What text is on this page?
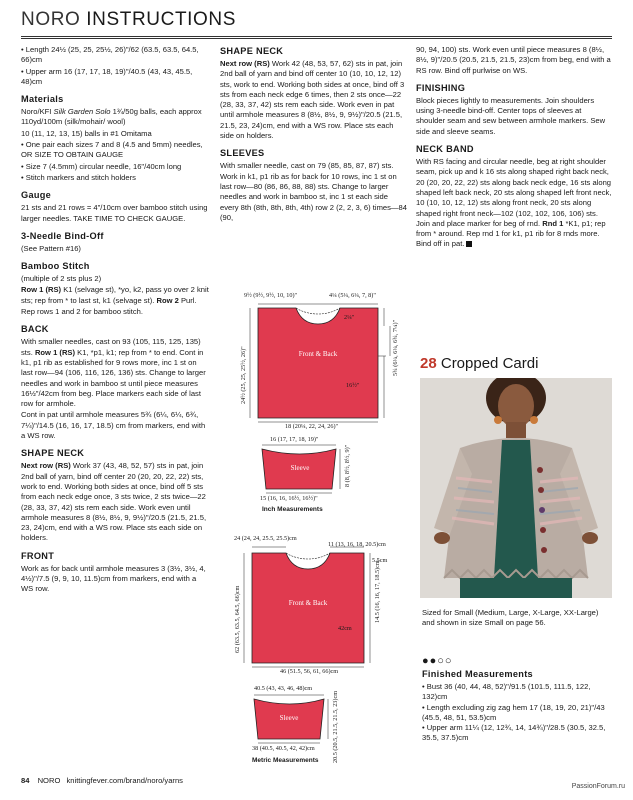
NORO INSTRUCTIONS

• Length 24½ (25, 25, 25½, 26)"/62 (63.5, 63.5, 64.5, 66)cm

• Upper arm 16 (17, 17, 18, 19)"/40.5 (43, 43, 45.5, 48)cm

Materials

Noro/KFI Silk Garden Solo 1¾/50g balls, each approx 110yd/100m (silk/mohair/ wool)

10 (11, 12, 13, 15) balls in #1 Omitama

• One pair each sizes 7 and 8 (4.5 and 5mm) needles, OR SIZE TO OBTAIN GAUGE

• Size 7 (4.5mm) circular needle, 16"/40cm long

• Stitch markers and stitch holders

Gauge

21 sts and 21 rows = 4"/10cm over bamboo stitch using larger needles. TAKE TIME TO CHECK GAUGE.

3-Needle Bind-Off

(See Pattern #16)

Bamboo Stitch

(multiple of 2 sts plus 2)

Row 1 (RS) K1 (selvage st), *yo, k2, pass yo over 2 knit sts; rep from * to last st, k1 (selvage st). Row 2 Purl.

Rep rows 1 and 2 for bamboo stitch.

BACK

With smaller needles, cast on 93 (105, 115, 125, 135) sts. Row 1 (RS) K1, *p1, k1; rep from * to end. Cont in k1, p1 rib as established for 9 rows more, inc 1 st on last row—94 (106, 116, 126, 136) sts. Change to larger needles and work in bamboo st until piece measures 16½"/42cm from beg. Place markers each side of last row for armhole.

Cont in pat until armhole measures 5¾ (6¼, 6¼, 6¾, 7¼)"/14.5 (16, 16, 17, 18.5) cm from markers, end with a WS row.

SHAPE NECK

Next row (RS) Work 37 (43, 48, 52, 57) sts in pat, join 2nd ball of yarn, bind off center 20 (20, 20, 22, 22) sts, work to end. Working both sides at once, bind off 5 sts from each neck edge once, 3 sts twice, 2 sts twice—22 (28, 33, 37, 42) sts rem each side. Work even until armhole measures 8 (8½, 8½, 9, 9½)"/20.5 (21.5, 21.5, 23, 24)cm, end with a WS row. Place sts each side on holders.

FRONT

Work as for back until armhole measures 3 (3½, 3½, 4, 4½)"/7.5 (9, 9, 10, 11.5)cm from markers, end with a WS row.

SHAPE NECK

Next row (RS) Work 42 (48, 53, 57, 62) sts in pat, join 2nd ball of yarn and bind off center 10 (10, 10, 12, 12) sts, work to end. Working both sides at once, bind off 3 sts from each neck edge 6 times, then 2 sts once—22 (28, 33, 37, 42) sts rem each side. Work even in pat until armhole measures 8 (8½, 8½, 9, 9½)"/20.5 (21.5, 21.5, 23, 24)cm, end with a WS row. Place sts each side on holders.

SLEEVES

With smaller needle, cast on 79 (85, 85, 87, 87) sts. Work in k1, p1 rib as for back for 10 rows, inc 1 st on last row—80 (86, 86, 88, 88) sts. Change to larger needles and work in bamboo st, inc 1 st each side every 8th (8th, 8th, 8th, 4th) row 2 (2, 2, 3, 6) times—84 (90,

9½ (9½, 9½, 10, 10)"	4¼ (5¼, 6¼, 7, 8)"
2¼"
5¾ (6¼, 6¼, 6¾, 7¼)"
16½"
24½ (25, 25, 25½, 26)"
18 (20¼, 22, 24, 26)"
Front & Back
16 (17, 17, 18, 19)"
8 (8, 8½, 8½, 9)"
15 (16, 16, 16½, 16½)"
Sleeve
Inch Measurements
24 (24, 24, 25.5, 25.5)cm
11 (13, 16, 18, 20.5)cm
5.5cm
14.5 (16, 16, 17, 18.5)cm
42cm
62 (63.5, 63.5, 64.5, 66)cm
46 (51.5, 56, 61, 66)cm
Front & Back
40.5 (43, 43, 46, 48)cm
20.5 (20.5, 21.5, 21.5, 23)cm
38 (40.5, 40.5, 42, 42)cm
Sleeve
Metric Measurements

90, 94, 100) sts. Work even until piece measures 8 (8½, 8½, 9)"/20.5 (20.5, 21.5, 21.5, 23)cm from beg, end with a RS row. Bind off purlwise on WS.

FINISHING

Block pieces lightly to measurements. Join shoulders using 3-needle bind-off. Center tops of sleeves at shoulder seam and sew between armhole markers. Sew side and sleeve seams.

NECK BAND

With RS facing and circular needle, beg at right shoulder seam, pick up and k 16 sts along shaped right back neck, 20 (20, 20, 22, 22) sts along back neck edge, 16 sts along shaped left back neck, 20 sts along shaped left front neck, 10 (10, 10, 12, 12) sts along front neck, 20 sts along shaped right front neck—102 (102, 102, 106, 106) sts. Join and place marker for beg of rnd. Rnd 1 *K1, p1; rep from * around. Rep rnd 1 for k1, p1 rib for 8 rnds more. Bind off in pat.

28 Cropped Cardi
Sized for Small (Medium, Large, X-Large, XX-Large) and shown in size Small on page 56.
●●○○
Finished Measurements

• Bust 36 (40, 44, 48, 52)"/91.5 (101.5, 111.5, 122, 132)cm

• Length excluding zig zag hem 17 (18, 19, 20, 21)"/43 (45.5, 48, 51, 53.5)cm

• Upper arm 11¼ (12, 12¾, 14, 14¾)"/28.5 (30.5, 32.5, 35.5, 37.5)cm

84 NORO knittingfever.com/brand/noro/yarns
PassionForum.ru
